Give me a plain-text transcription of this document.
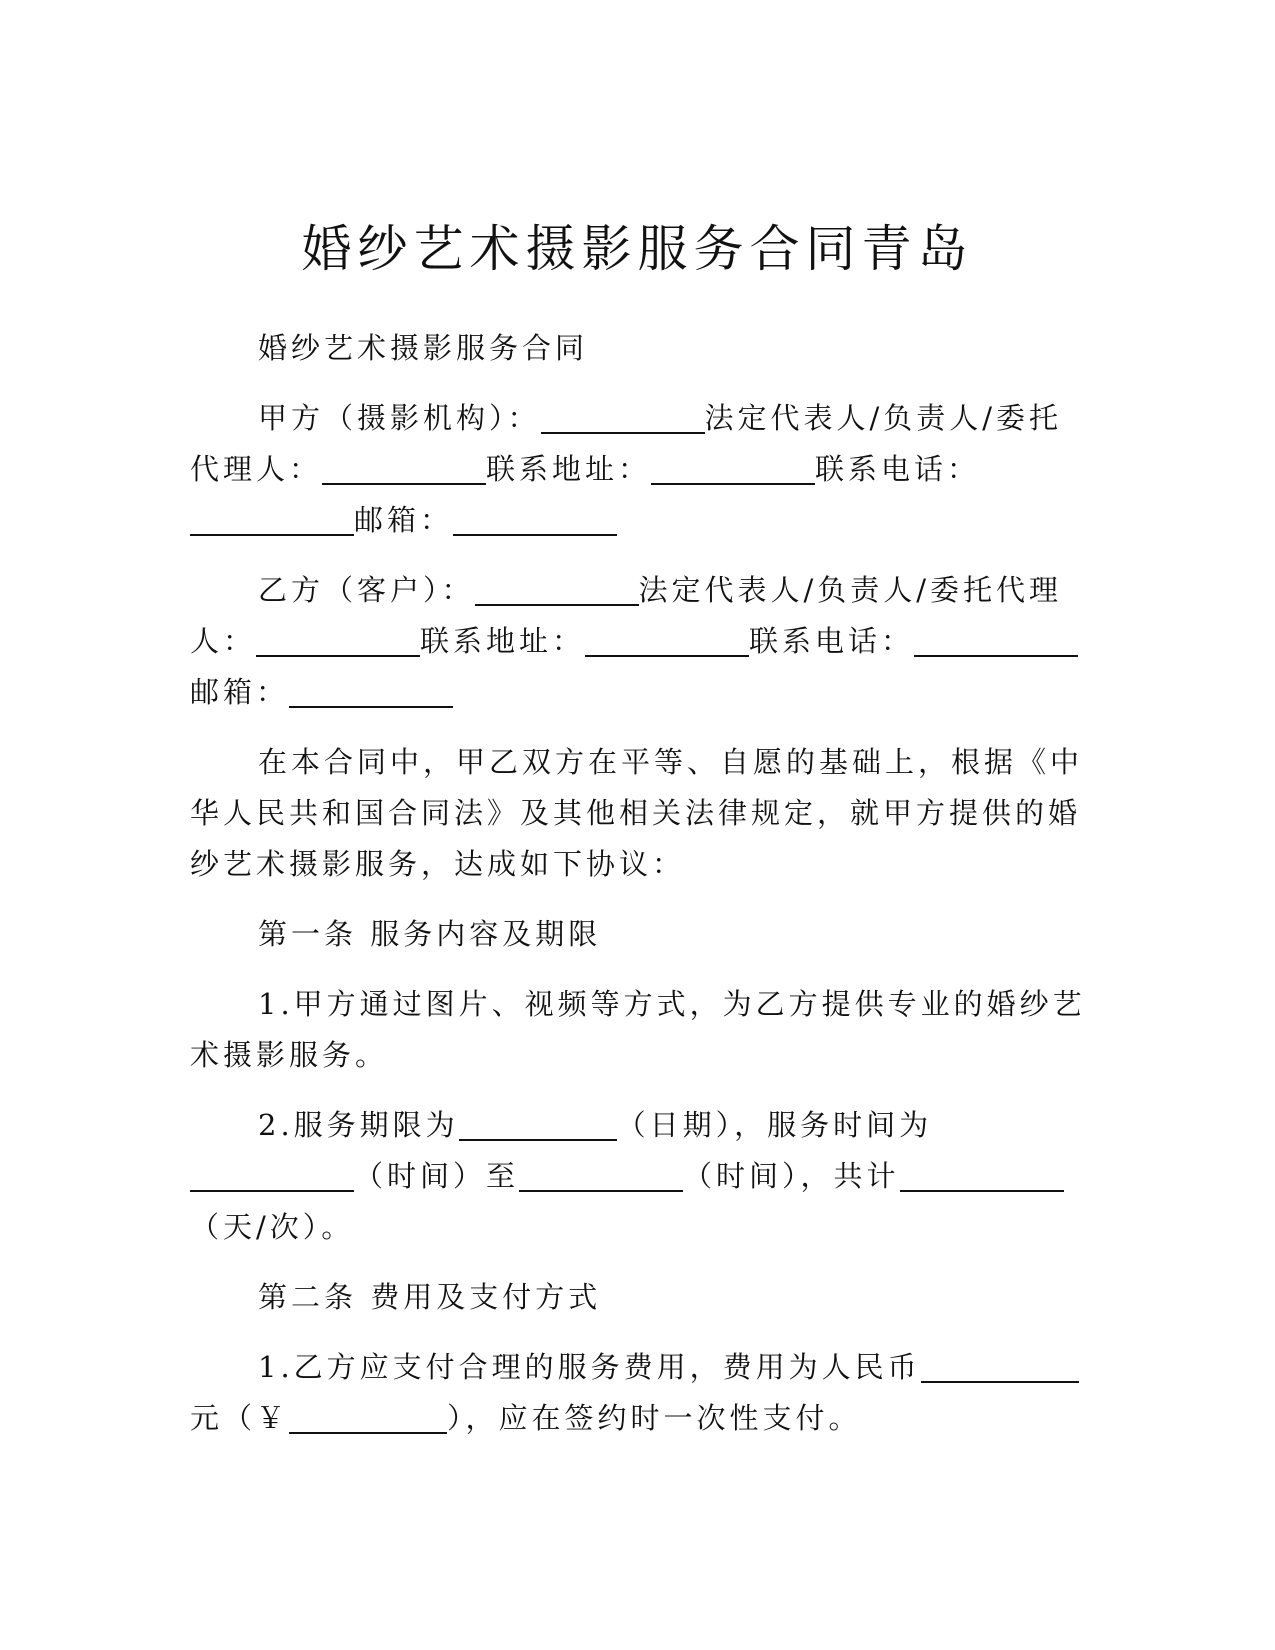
婚纱艺术摄影服务合同青岛

婚纱艺术摄影服务合同

甲方（摄影机构）：	法定代表人/负责人/委托代理人：	联系地址：	联系电话：邮箱：

乙方（客户）：	法定代表人/负责人/委托代理人：	联系地址：	联系电话：邮箱：

在本合同中，甲乙双方在平等、自愿的基础上，根据《中华人民共和国合同法》及其他相关法律规定，就甲方提供的婚纱艺术摄影服务，达成如下协议：

第一条 服务内容及期限

1.甲方通过图片、视频等方式，为乙方提供专业的婚纱艺术摄影服务。

2.服务期限为	（日期），服务时间为（时间）至	（时间），共计（天/次）。

第二条 费用及支付方式

1.乙方应支付合理的服务费用，费用为人民币元（￥	），应在签约时一次性支付。
